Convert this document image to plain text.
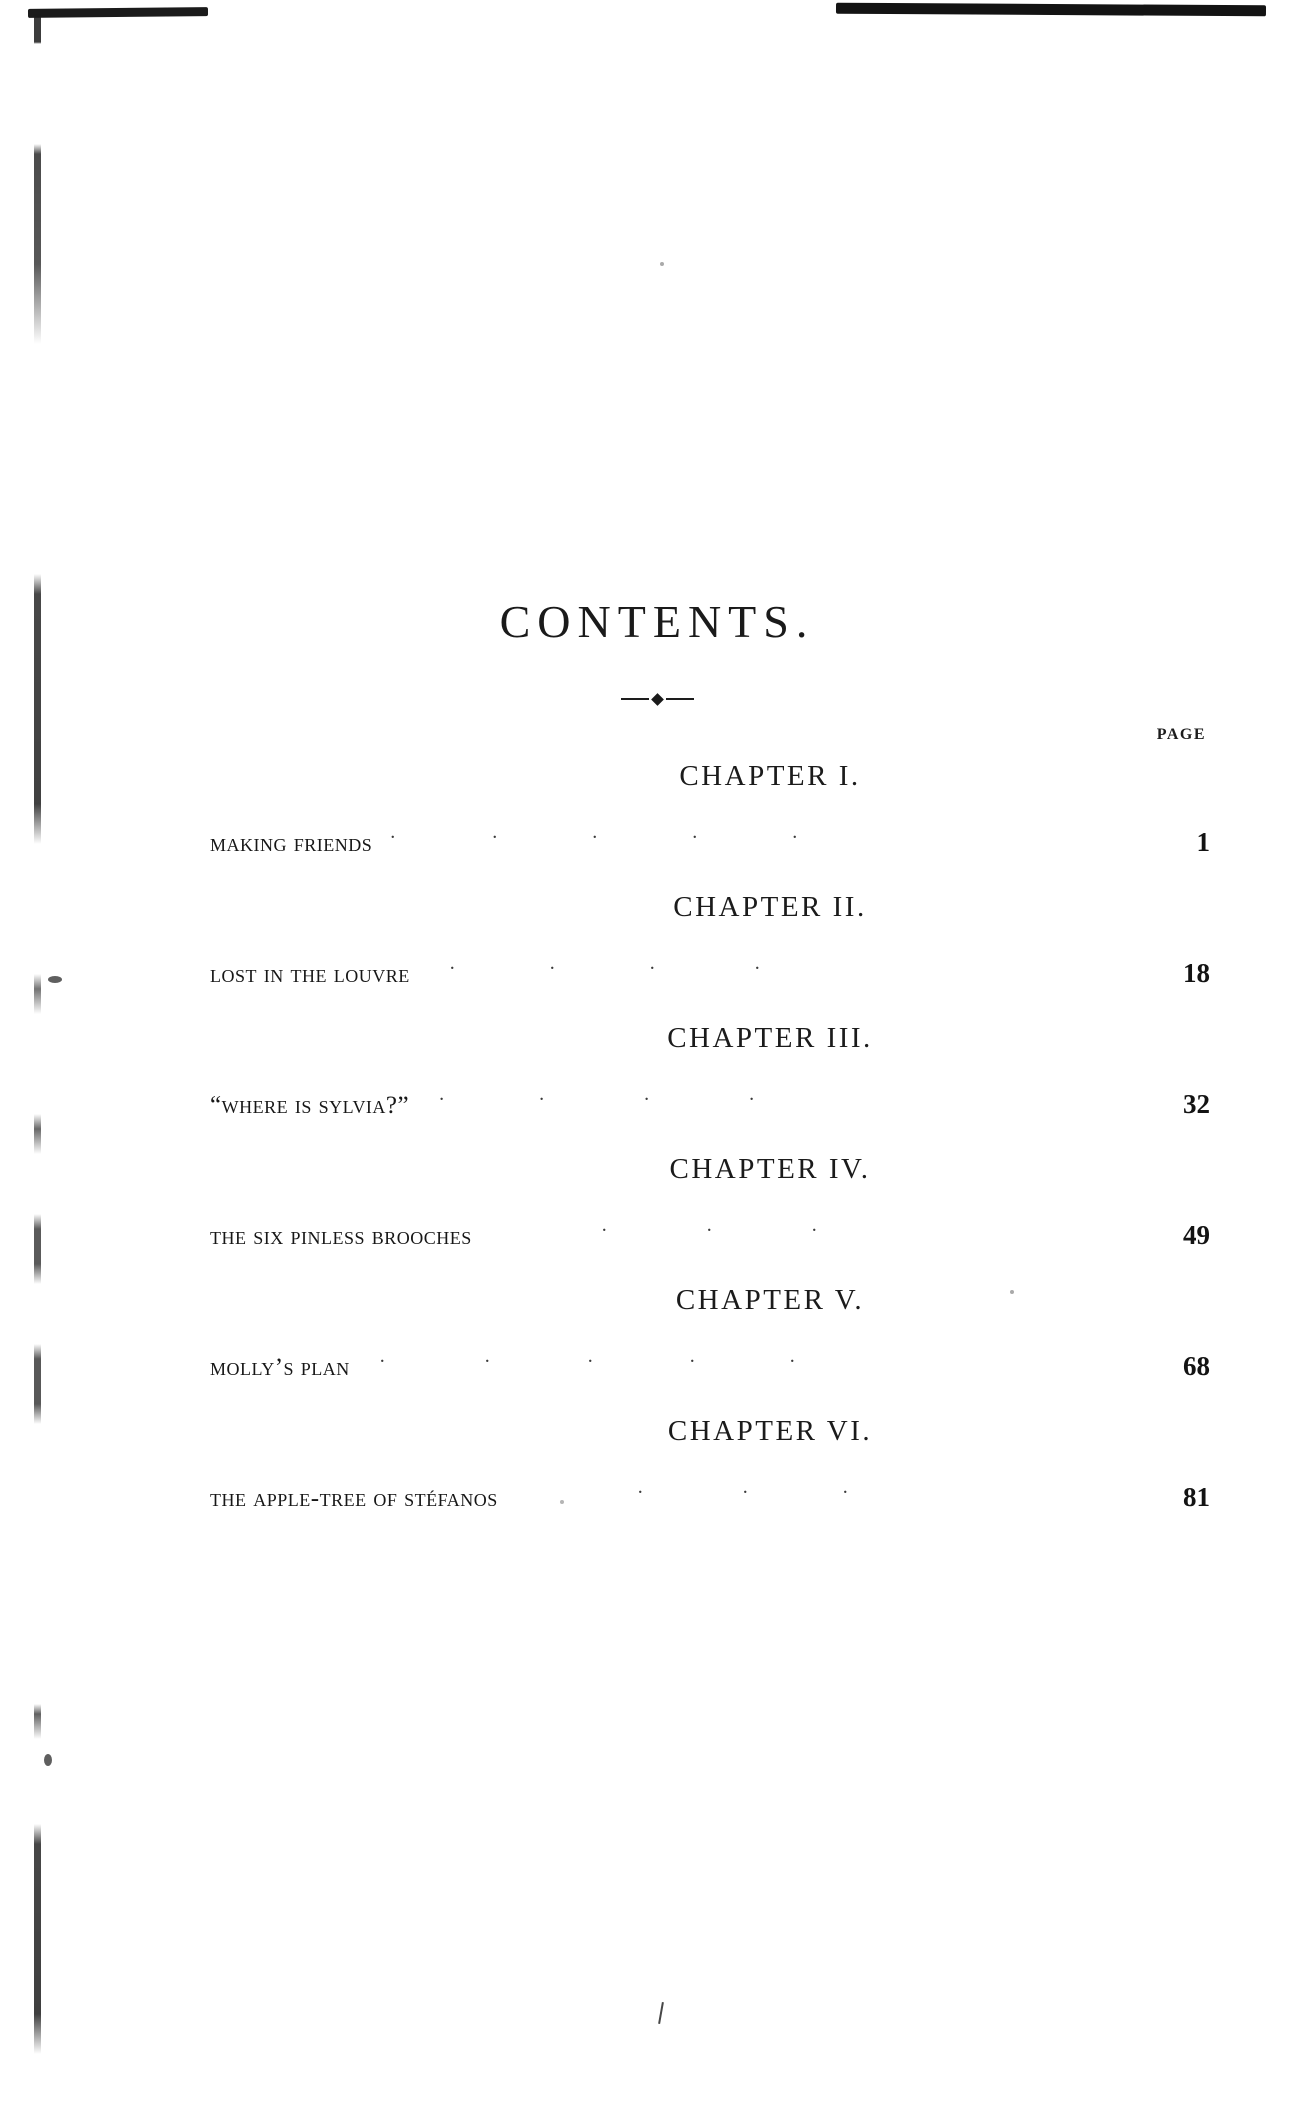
CONTENTS.
CHAPTER I.
PAGE
making friends .	.	.	.	.	1
CHAPTER II.
lost in the louvre .	.	.	.	18
CHAPTER III.
“where is sylvia?” .	.	.	.	32
CHAPTER IV.
the six pinless brooches	.	.	.	49
CHAPTER V.
molly’s plan .	.	.	.	.	68
CHAPTER VI.
the apple-tree of stéfanos	.	.	.	81
